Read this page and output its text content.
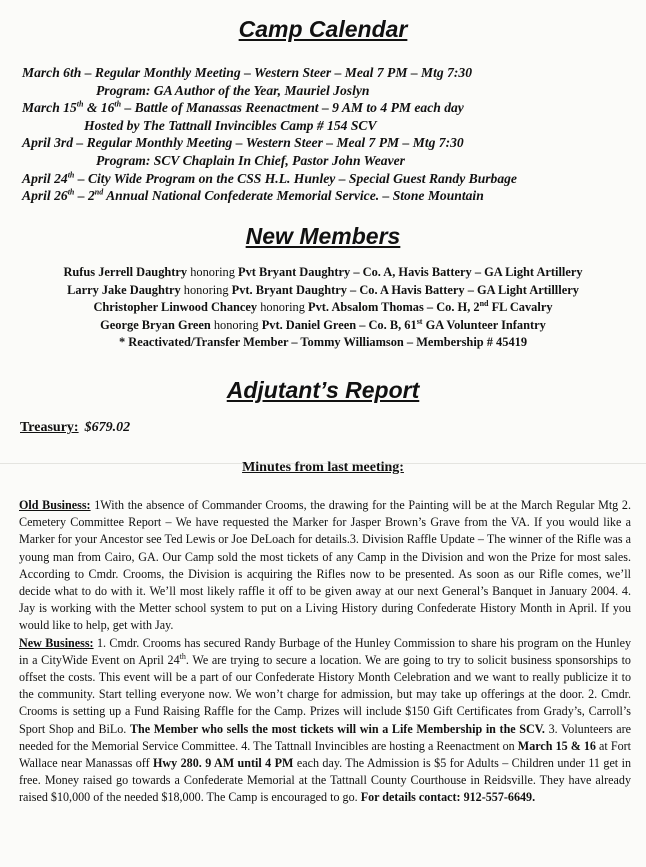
Camp Calendar
March 6th – Regular Monthly Meeting – Western Steer – Meal 7 PM – Mtg 7:30
Program: GA Author of the Year, Mauriel Joslyn
March 15th & 16th – Battle of Manassas Reenactment – 9 AM to 4 PM each day
Hosted by The Tattnall Invincibles Camp # 154 SCV
April 3rd – Regular Monthly Meeting – Western Steer – Meal 7 PM – Mtg 7:30
Program: SCV Chaplain In Chief, Pastor John Weaver
April 24th – City Wide Program on the CSS H.L. Hunley – Special Guest Randy Burbage
April 26th – 2nd Annual National Confederate Memorial Service. – Stone Mountain
New Members
Rufus Jerrell Daughtry honoring Pvt Bryant Daughtry – Co. A, Havis Battery – GA Light Artillery
Larry Jake Daughtry honoring Pvt. Bryant Daughtry – Co. A Havis Battery – GA Light Artilllery
Christopher Linwood Chancey honoring Pvt. Absalom Thomas – Co. H, 2nd FL Cavalry
George Bryan Green honoring Pvt. Daniel Green – Co. B, 61st GA Volunteer Infantry
* Reactivated/Transfer Member – Tommy Williamson – Membership # 45419
Adjutant’s Report
Treasury: $679.02
Minutes from last meeting:

Old Business: 1With the absence of Commander Crooms, the drawing for the Painting will be at the March Regular Mtg 2. Cemetery Committee Report – We have requested the Marker for Jasper Brown’s Grave from the VA. If you would like a Marker for your Ancestor see Ted Lewis or Joe DeLoach for details.3. Division Raffle Update – The winner of the Rifle was a young man from Cairo, GA. Our Camp sold the most tickets of any Camp in the Division and won the Prize for most sales. According to Cmdr. Crooms, the Division is acquiring the Rifles now to be presented. As soon as our Rifle comes, we’ll decide what to do with it. We’ll most likely raffle it off to be given away at our next General’s Banquet in January 2004. 4. Jay is working with the Metter school system to put on a Living History during Confederate History Month in April. If you would like to help, get with Jay.

New Business: 1. Cmdr. Crooms has secured Randy Burbage of the Hunley Commission to share his program on the Hunley in a CityWide Event on April 24th. We are trying to secure a location. We are going to try to solicit business sponsorships to offset the costs. This event will be a part of our Confederate History Month Celebration and we want to really publicize it to the community. Start telling everyone now. We won’t charge for admission, but may take up offerings at the door. 2. Cmdr. Crooms is setting up a Fund Raising Raffle for the Camp. Prizes will include $150 Gift Certificates from Grady’s, Carroll’s Sport Shop and BiLo. The Member who sells the most tickets will win a Life Membership in the SCV. 3. Volunteers are needed for the Memorial Service Committee. 4. The Tattnall Invincibles are hosting a Reenactment on March 15 & 16 at Fort Wallace near Manassas off Hwy 280. 9 AM until 4 PM each day. The Admission is $5 for Adults – Children under 11 get in free. Money raised go towards a Confederate Memorial at the Tattnall County Courthouse in Reidsville. They have already raised $10,000 of the needed $18,000. The Camp is encouraged to go. For details contact: 912-557-6649.
